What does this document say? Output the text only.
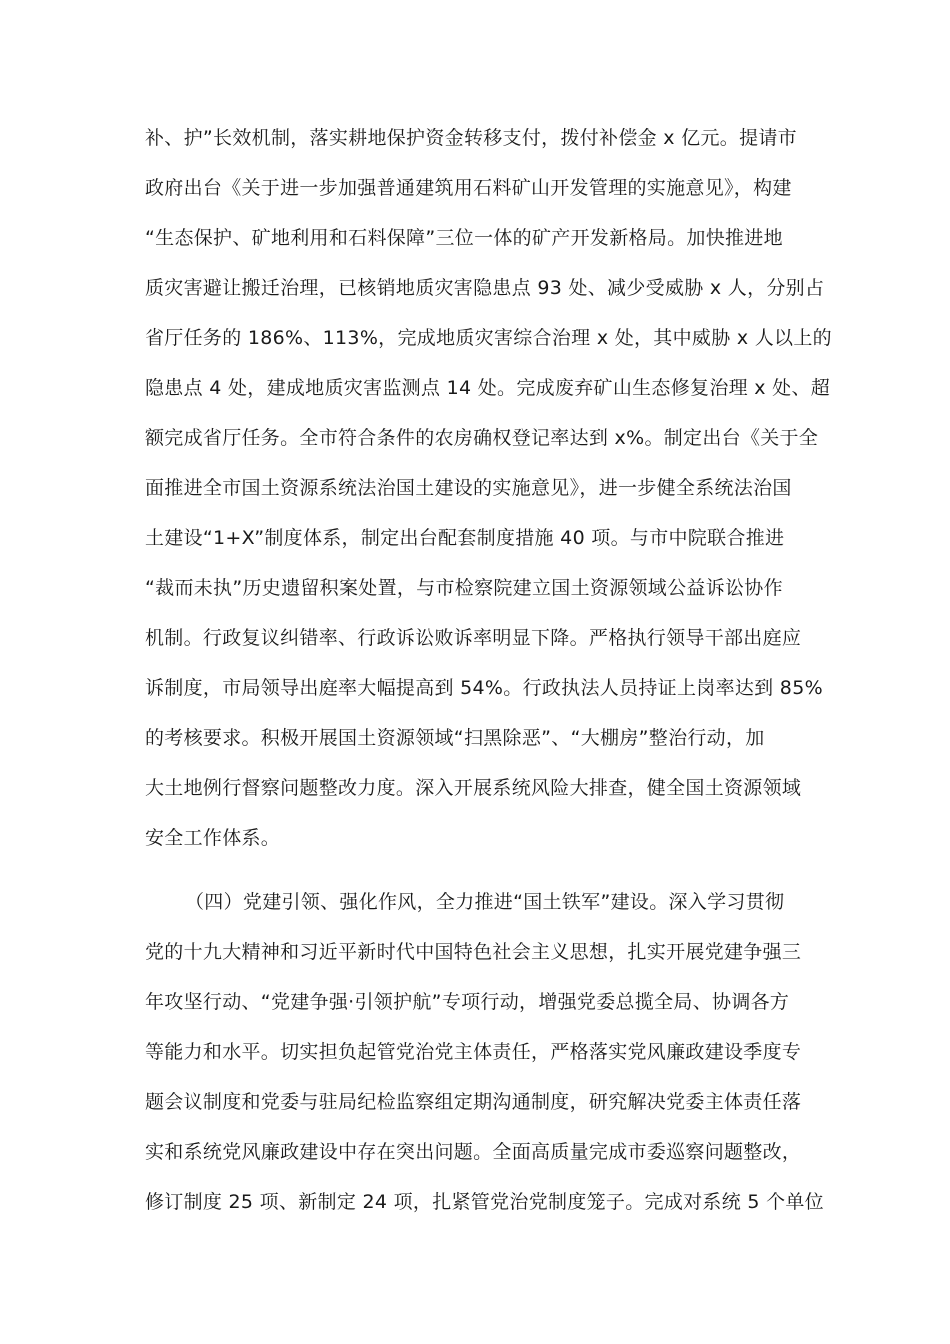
补、护”长效机制，落实耕地保护资金转移支付，拨付补偿金 x 亿元。提请市
政府出台《关于进一步加强普通建筑用石料矿山开发管理的实施意见》，构建
“生态保护、矿地利用和石料保障”三位一体的矿产开发新格局。加快推进地
质灾害避让搬迁治理，已核销地质灾害隐患点 93 处、减少受威胁 x 人，分别占
省厅任务的 186%、113%，完成地质灾害综合治理 x 处，其中威胁 x 人以上的
隐患点 4 处，建成地质灾害监测点 14 处。完成废弃矿山生态修复治理 x 处、超
额完成省厅任务。全市符合条件的农房确权登记率达到 x%。制定出台《关于全
面推进全市国土资源系统法治国土建设的实施意见》，进一步健全系统法治国
土建设“1+X”制度体系，制定出台配套制度措施 40 项。与市中院联合推进
“裁而未执”历史遗留积案处置，与市检察院建立国土资源领域公益诉讼协作
机制。行政复议纠错率、行政诉讼败诉率明显下降。严格执行领导干部出庭应
诉制度，市局领导出庭率大幅提高到 54%。行政执法人员持证上岗率达到 85%
的考核要求。积极开展国土资源领域“扫黑除恶”、“大棚房”整治行动，加
大土地例行督察问题整改力度。深入开展系统风险大排查，健全国土资源领域
安全工作体系。
（四）党建引领、强化作风，全力推进“国土铁军”建设。深入学习贯彻
党的十九大精神和习近平新时代中国特色社会主义思想，扎实开展党建争强三
年攻坚行动、“党建争强·引领护航”专项行动，增强党委总揽全局、协调各方
等能力和水平。切实担负起管党治党主体责任，严格落实党风廉政建设季度专
题会议制度和党委与驻局纪检监察组定期沟通制度，研究解决党委主体责任落
实和系统党风廉政建设中存在突出问题。全面高质量完成市委巡察问题整改，
修订制度 25 项、新制定 24 项，扎紧管党治党制度笼子。完成对系统 5 个单位
